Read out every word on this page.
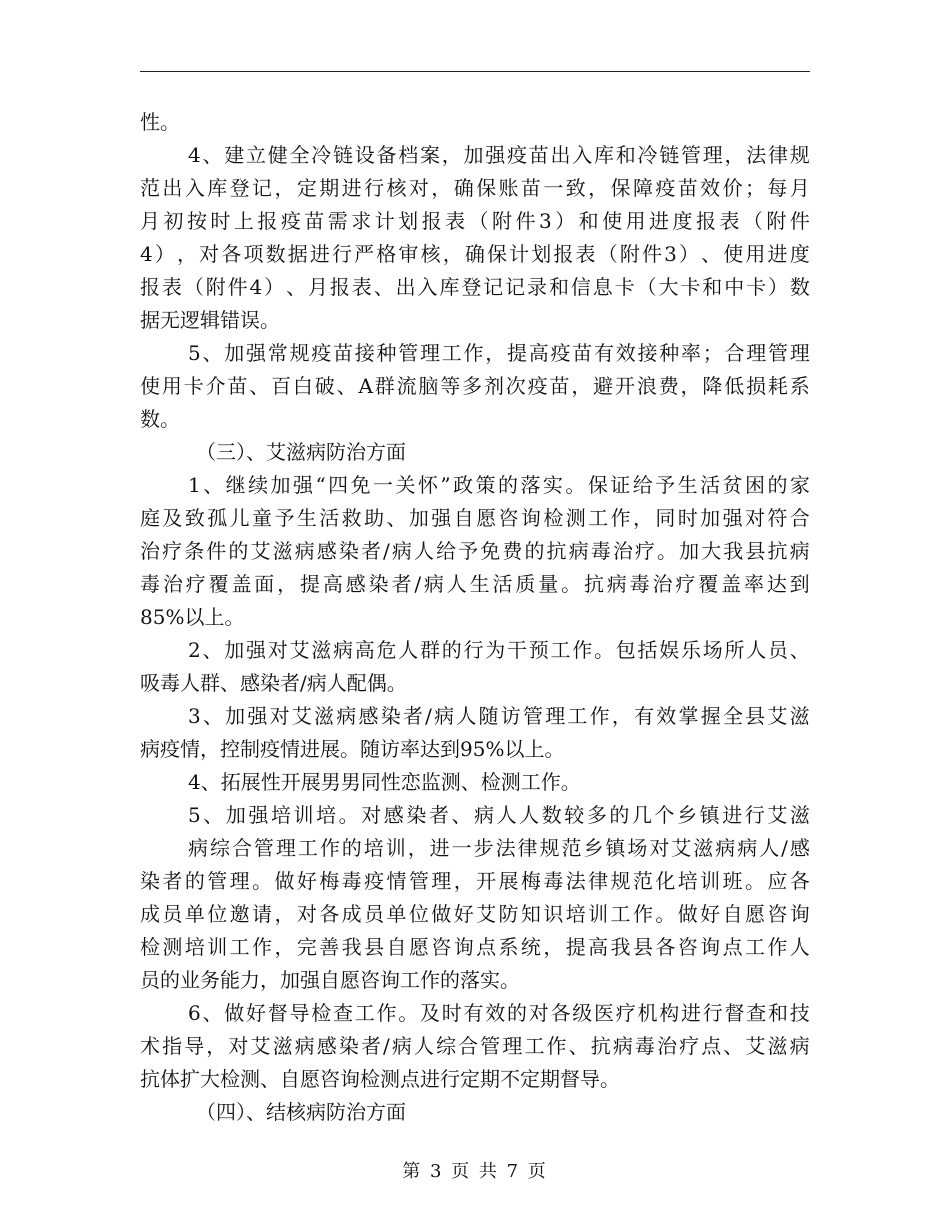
性。
4 、 建 立 健 全 冷 链 设 备 档 案 ， 加 强 疫 苗 出 入 库 和 冷 链 管 理 ， 法 律 规
范 出 入 库 登 记 ， 定 期 进 行 核 对 ， 确 保 账 苗 一 致 ， 保 障 疫 苗 效 价 ； 每 月
月 初 按 时 上 报 疫 苗 需 求 计 划 报 表 （ 附 件 3 ） 和 使 用 进 度 报 表 （ 附 件
4 ） ， 对 各 项 数 据 进 行 严 格 审 核 ， 确 保 计 划 报 表 （ 附 件 3 ） 、 使 用 进 度
报 表 （ 附 件 4 ） 、 月 报 表 、 出 入 库 登 记 记 录 和 信 息 卡 （ 大 卡 和 中 卡 ） 数
据无逻辑错误。
5 、 加 强 常 规 疫 苗 接 种 管 理 工 作 ， 提 高 疫 苗 有 效 接 种 率 ； 合 理 管 理
使 用 卡 介 苗 、 百 白 破 、 A 群 流 脑 等 多 剂 次 疫 苗 ， 避 开 浪 费 ， 降 低 损 耗 系
数。
（三）、艾滋病防治方面
1 、 继 续 加 强 “ 四 免 一 关 怀 ” 政 策 的 落 实 。 保 证 给 予 生 活 贫 困 的 家
庭 及 致 孤 儿 童 予 生 活 救 助 、 加 强 自 愿 咨 询 检 测 工 作 ， 同 时 加 强 对 符 合
治 疗 条 件 的 艾 滋 病 感 染 者 / 病 人 给 予 免 费 的 抗 病 毒 治 疗 。 加 大 我 县 抗 病
毒 治 疗 覆 盖 面 ， 提 高 感 染 者 / 病 人 生 活 质 量 。 抗 病 毒 治 疗 覆 盖 率 达 到
85%以上。
2 、 加 强 对 艾 滋 病 高 危 人 群 的 行 为 干 预 工 作 。 包 括 娱 乐 场 所 人 员 、
吸毒人群、感染者/病人配偶。
3 、 加 强 对 艾 滋 病 感 染 者 / 病 人 随 访 管 理 工 作 ， 有 效 掌 握 全 县 艾 滋
病疫情，控制疫情进展。随访率达到95%以上。
4、拓展性开展男男同性恋监测、检测工作。
5 、 加 强 培 训 培 。 对 感 染 者 、 病 人 人 数 较 多 的 几 个 乡 镇 进 行 艾 滋
病 综 合 管 理 工 作 的 培 训 ， 进 一 步 法 律 规 范 乡 镇 场 对 艾 滋 病 病 人 / 感
染 者 的 管 理 。 做 好 梅 毒 疫 情 管 理 ， 开 展 梅 毒 法 律 规 范 化 培 训 班 。 应 各
成 员 单 位 邀 请 ， 对 各 成 员 单 位 做 好 艾 防 知 识 培 训 工 作 。 做 好 自 愿 咨 询
检 测 培 训 工 作 ， 完 善 我 县 自 愿 咨 询 点 系 统 ， 提 高 我 县 各 咨 询 点 工 作 人
员的业务能力，加强自愿咨询工作的落实。
6 、 做 好 督 导 检 查 工 作 。 及 时 有 效 的 对 各 级 医 疗 机 构 进 行 督 查 和 技
术 指 导 ， 对 艾 滋 病 感 染 者 / 病 人 综 合 管 理 工 作 、 抗 病 毒 治 疗 点 、 艾 滋 病
抗体扩大检测、自愿咨询检测点进行定期不定期督导。
（四）、结核病防治方面
第 3 页 共 7 页
